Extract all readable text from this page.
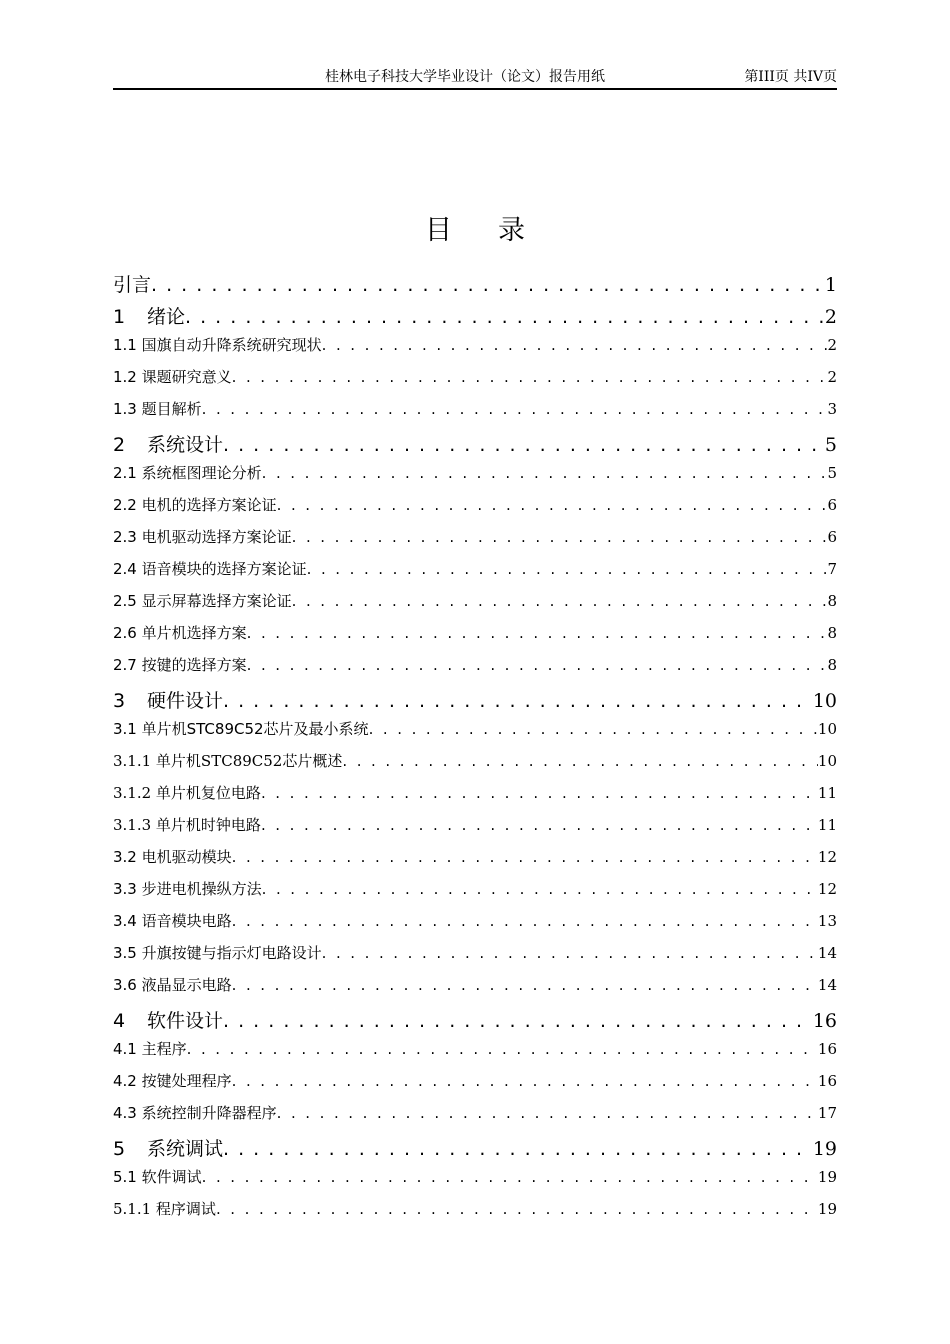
桂林电子科技大学毕业设计（论文）报告用纸	第III页 共IV页
目录
引言 . . .	1
1 绪论 . . .	2
1.1 国旗自动升降系统研究现状 . . .	2
1.2 课题研究意义 . . .	2
1.3 题目解析 . . .	3
2 系统设计 . . .	5
2.1 系统框图理论分析 . . .	5
2.2 电机的选择方案论证 . . .	6
2.3 电机驱动选择方案论证 . . .	6
2.4 语音模块的选择方案论证 . . .	7
2.5 显示屏幕选择方案论证 . . .	8
2.6 单片机选择方案 . . .	8
2.7 按键的选择方案 . . .	8
3 硬件设计 . . .	10
3.1 单片机STC89C52芯片及最小系统 . . .	10
3.1.1 单片机STC89C52芯片概述 . . .	10
3.1.2 单片机复位电路 . . .	11
3.1.3 单片机时钟电路 . . .	11
3.2 电机驱动模块 . . .	12
3.3 步进电机操纵方法 . . .	12
3.4 语音模块电路 . . .	13
3.5 升旗按键与指示灯电路设计 . . .	14
3.6 液晶显示电路 . . .	14
4 软件设计 . . .	16
4.1 主程序 . . .	16
4.2 按键处理程序 . . .	16
4.3 系统控制升降器程序 . . .	17
5 系统调试 . . .	19
5.1 软件调试 . . .	19
5.1.1 程序调试 . . .	19
